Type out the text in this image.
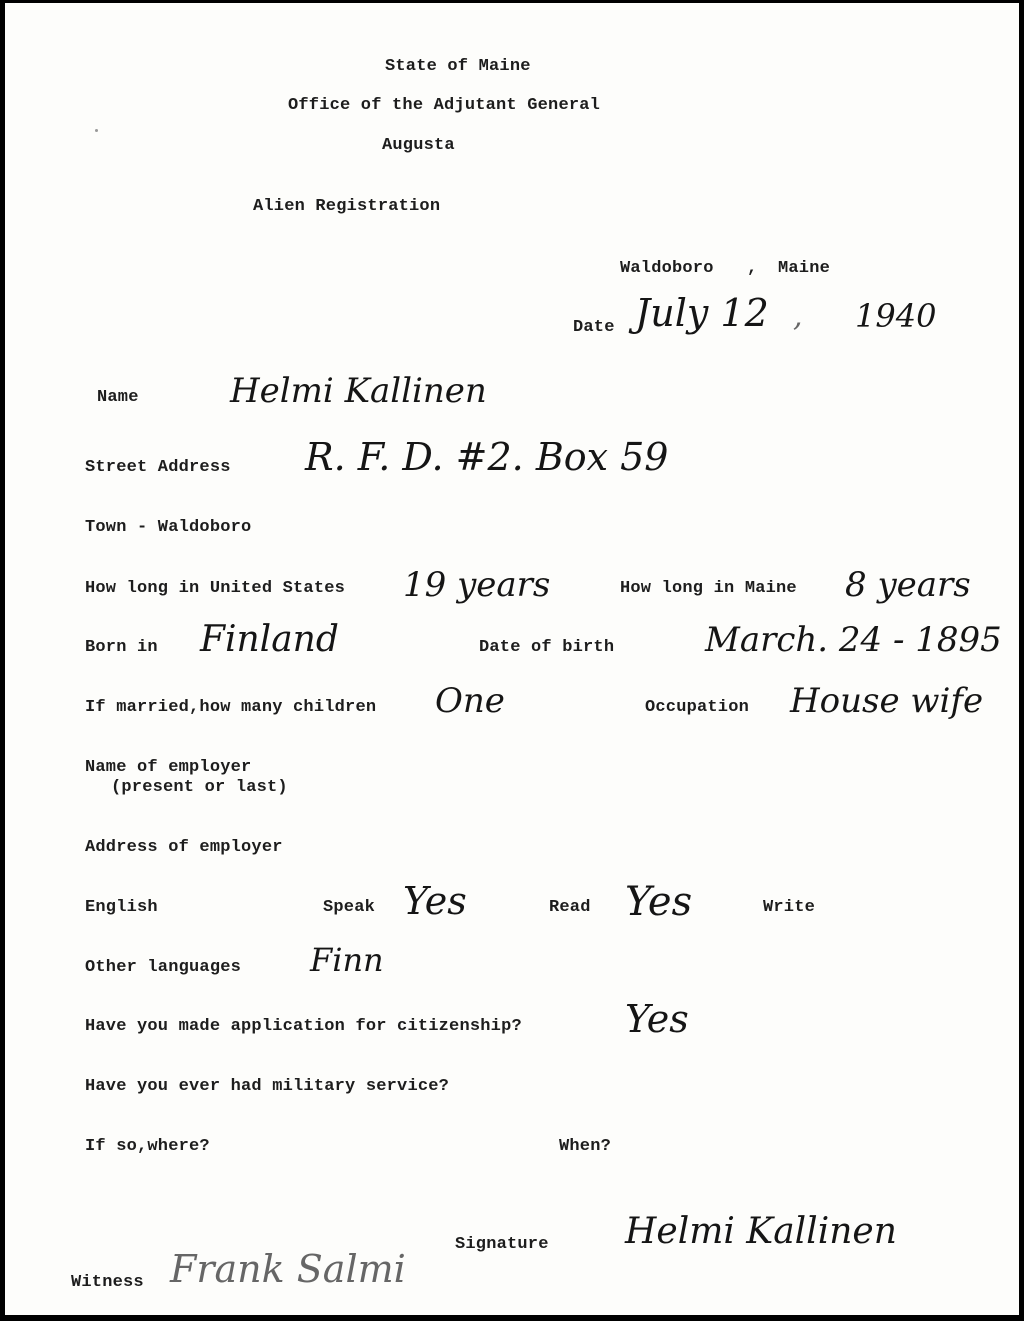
State of Maine
Office of the Adjutant General
Augusta
Alien Registration
Waldoboro , Maine
Date July 12 , 1940
Name	Helmi Kallinen
Street Address R. F. D. #2. Box 59
Town - Waldoboro
How long in United States 19 years	How long in Maine 8 years
Born in Finland	Date of birth	March. 24 - 1895
If married,how many children One	Occupation House wife
Name of employer
(present or last)
Address of employer
English	Speak Yes	Read Yes	Write
Other languages Finn
Have you made application for citizenship?	Yes
Have you ever had military service?
If so,where?	When?
Signature Helmi Kallinen
Witness Frank Salmi
